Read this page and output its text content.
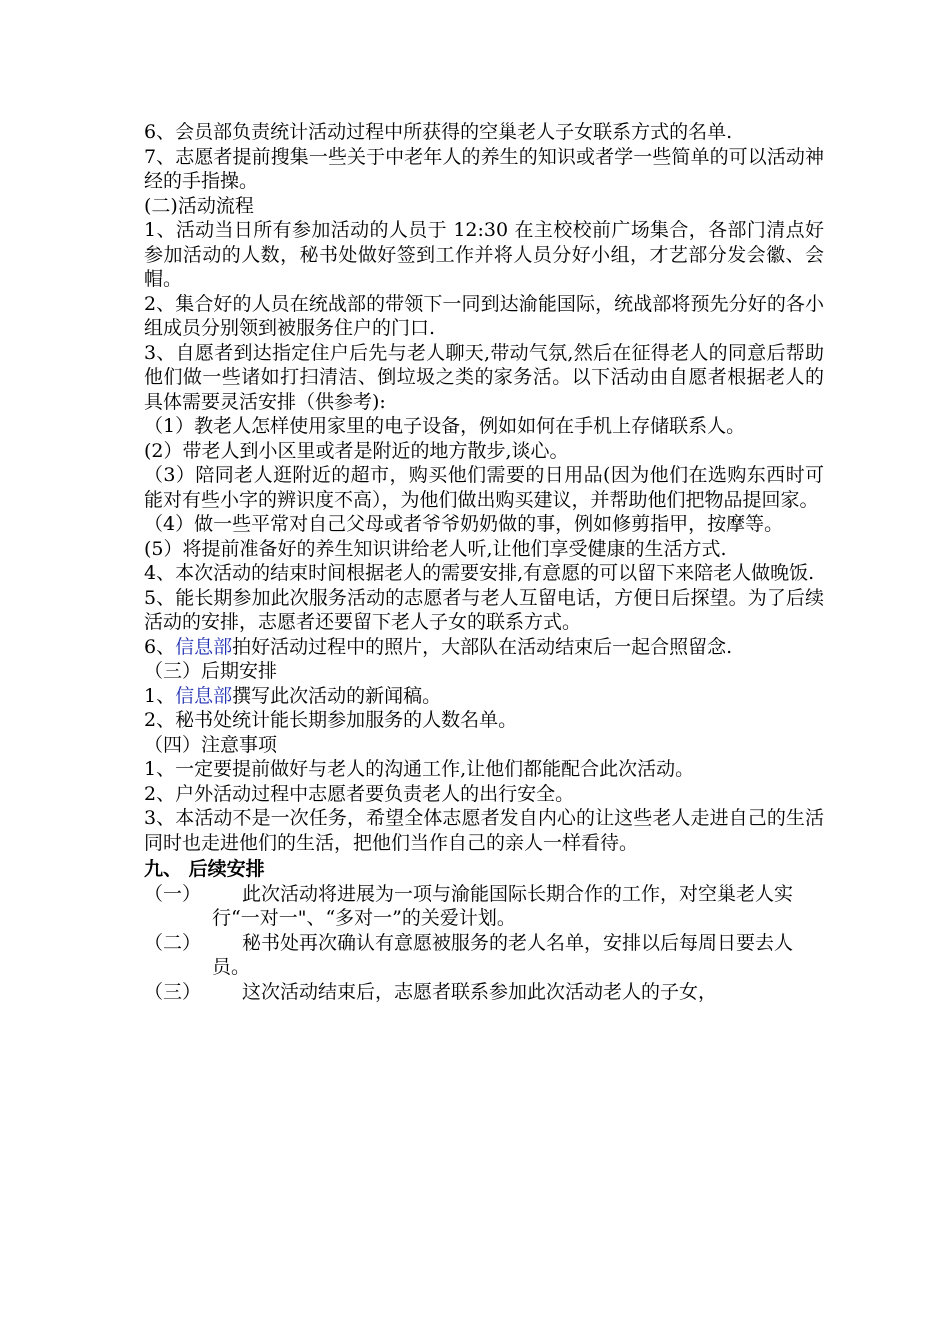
6、会员部负责统计活动过程中所获得的空巢老人子女联系方式的名单.

7、志愿者提前搜集一些关于中老年人的养生的知识或者学一些简单的可以活动神经的手指操。

(二)活动流程

1、活动当日所有参加活动的人员于 12:30 在主校校前广场集合，各部门清点好参加活动的人数，秘书处做好签到工作并将人员分好小组，才艺部分发会徽、会帽。

2、集合好的人员在统战部的带领下一同到达渝能国际，统战部将预先分好的各小组成员分别领到被服务住户的门口.

3、自愿者到达指定住户后先与老人聊天,带动气氛,然后在征得老人的同意后帮助他们做一些诸如打扫清洁、倒垃圾之类的家务活。以下活动由自愿者根据老人的具体需要灵活安排（供参考):

（1）教老人怎样使用家里的电子设备，例如如何在手机上存储联系人。

(2）带老人到小区里或者是附近的地方散步,谈心。

（3）陪同老人逛附近的超市，购买他们需要的日用品(因为他们在选购东西时可能对有些小字的辨识度不高），为他们做出购买建议，并帮助他们把物品提回家。

（4）做一些平常对自己父母或者爷爷奶奶做的事，例如修剪指甲，按摩等。

(5）将提前准备好的养生知识讲给老人听,让他们享受健康的生活方式.

4、本次活动的结束时间根据老人的需要安排,有意愿的可以留下来陪老人做晚饭.

5、能长期参加此次服务活动的志愿者与老人互留电话，方便日后探望。为了后续活动的安排，志愿者还要留下老人子女的联系方式。

6、信息部拍好活动过程中的照片，大部队在活动结束后一起合照留念.

（三）后期安排

1、信息部撰写此次活动的新闻稿。

2、秘书处统计能长期参加服务的人数名单。

（四）注意事项

1、一定要提前做好与老人的沟通工作,让他们都能配合此次活动。

2、户外活动过程中志愿者要负责老人的出行安全。

3、本活动不是一次任务，希望全体志愿者发自内心的让这些老人走进自己的生活同时也走进他们的生活，把他们当作自己的亲人一样看待。

九、 后续安排

（一）	此次活动将进展为一项与渝能国际长期合作的工作，对空巢老人实行“一对一"、“多对一”的关爱计划。
（二）	秘书处再次确认有意愿被服务的老人名单，安排以后每周日要去人员。
（三）	这次活动结束后，志愿者联系参加此次活动老人的子女，
